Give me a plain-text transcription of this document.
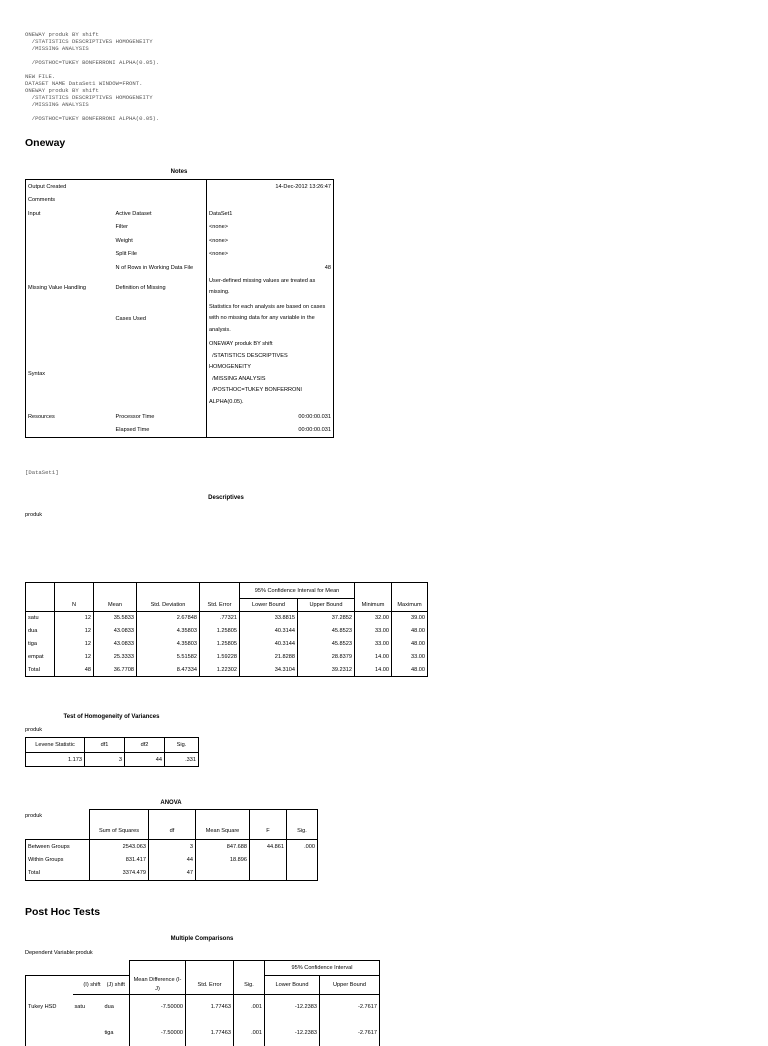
ONEWAY produk BY shift
/STATISTICS DESCRIPTIVES HOMOGENEITY
/MISSING ANALYSIS
/POSTHOC=TUKEY BONFERRONI ALPHA(0.05).
NEW FILE.
DATASET NAME DataSet1 WINDOW=FRONT.
ONEWAY produk BY shift
/STATISTICS DESCRIPTIVES HOMOGENEITY
/MISSING ANALYSIS
/POSTHOC=TUKEY BONFERRONI ALPHA(0.05).
Oneway
Notes
Output Created		14-Dec-2012 13:26:47
Comments		
Input	Active Dataset	DataSet1
	Filter	<none>
	Weight	<none>
	Split File	<none>
	N of Rows in Working Data File	48
Missing Value Handling	Definition of Missing	User-defined missing values are treated as missing.
	Cases Used	Statistics for each analysis are based on cases with no missing data for any variable in the analysis.
Syntax		ONEWAY produk BY shift
/STATISTICS DESCRIPTIVES HOMOGENEITY
/MISSING ANALYSIS
/POSTHOC=TUKEY BONFERRONI ALPHA(0.05).
Resources	Processor Time	00:00:00.031
	Elapsed Time	00:00:00.031
[DataSet1]
Descriptives
produk
					95% Confidence Interval for Mean			
	N	Mean	Std. Deviation	Std. Error	Lower Bound	Upper Bound	Minimum	Maximum
satu	12	35.5833	2.67848	.77321	33.8815	37.2852	32.00	39.00
dua	12	43.0833	4.35803	1.25805	40.3144	45.8523	33.00	48.00
tiga	12	43.0833	4.35803	1.25805	40.3144	45.8523	33.00	48.00
empat	12	25.3333	5.51582	1.59228	21.8288	28.8379	14.00	33.00
Total	48	36.7708	8.47334	1.22302	34.3104	39.2312	14.00	48.00
Test of Homogeneity of Variances
produk
Levene Statistic	df1	df2	Sig.
1.173	3	44	.331
ANOVA
produk

	Sum of Squares	df	Mean Square	F	Sig.
Between Groups	2543.063	3	847.688	44.861	.000
Within Groups	831.417	44	18.896		
Total	3374.479	47			
Post Hoc Tests
Multiple Comparisons
Dependent Variable:produk
						95% Confidence Interval	
	(I) shift	(J) shift	Mean Difference (I-J)	Std. Error	Sig.	Lower Bound	Upper Bound
Tukey HSD	satu	dua	-7.50000	1.77463	.001	-12.2383	-2.7617
		tiga	-7.50000	1.77463	.001	-12.2383	-2.7617
